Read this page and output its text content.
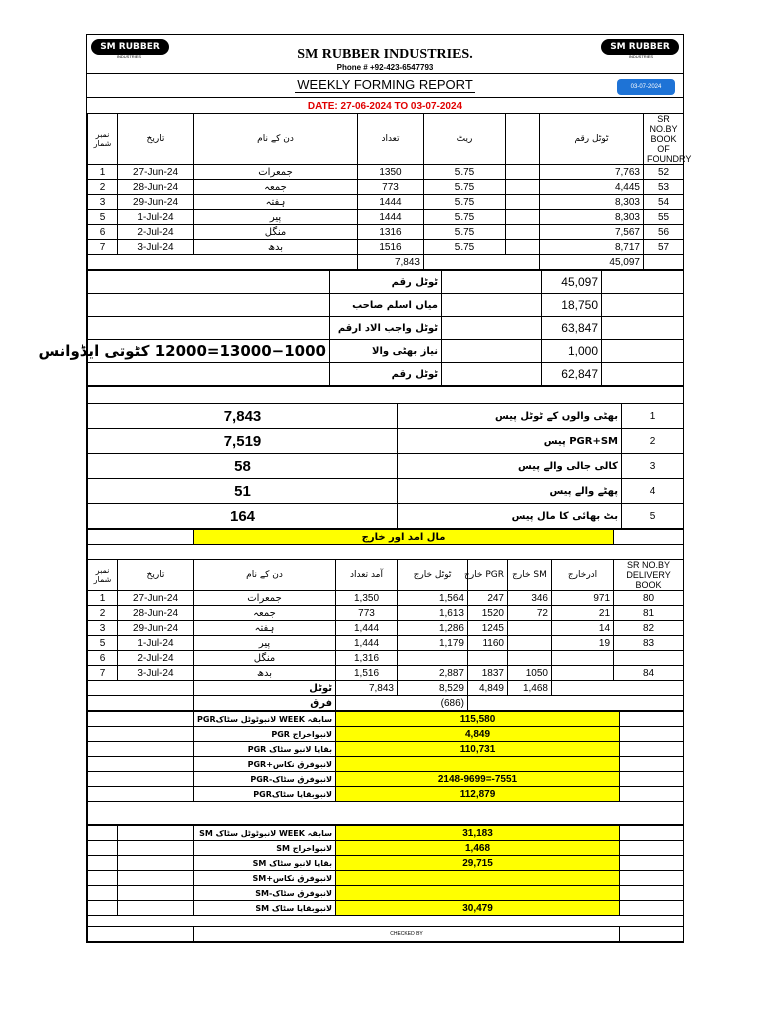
SM RUBBER
INDUSTRIES
SM RUBBER
INDUSTRIES
SM RUBBER INDUSTRIES.
Phone # +92-423-6547793
WEEKLY FORMING REPORT	03-07-2024
DATE: 27-06-2024 TO 03-07-2024
نمبر شمار	تاریخ	دن کے نام	تعداد	ریٹ		ٹوٹل رقم	SR NO.BY BOOK OF FOUNDRY
1	27-Jun-24	جمعرات	1350	5.75		7,763	52
2	28-Jun-24	جمعہ	773	5.75		4,445	53
3	29-Jun-24	ہفتہ	1444	5.75		8,303	54
5	1-Jul-24	پیر	1444	5.75		8,303	55
6	2-Jul-24	منگل	1316	5.75		7,567	56
7	3-Jul-24	بدھ	1516	5.75		8,717	57
			7,843			45,097	
	ٹوٹل رقم		45,097	
	میاں اسلم صاحب		18,750	
	ٹوٹل واجب الاد ارقم		63,847	
13000−1000=12000 کٹوتی ایڈوانس	نیاز بھٹی والا		1,000	
	ٹوٹل رقم		62,847	

7,843	بھٹی والوں کے ٹوٹل پیس	1
7,519	PGR+SM پیس	2
58	کالی جالی والے پیس	3
51	پھٹے والے پیس	4
164	بٹ بھائی کا مال پیس	5
		مال امد اور خارج						

نمبر شمار	تاریخ	دن کے نام	آمد تعداد	ٹوٹل خارج	PGR خارج	SM خارج	ادرخارج	SR NO.BY DELIVERY BOOK
1	27-Jun-24	جمعرات	1,350	1,564	247	346	971	80
2	28-Jun-24	جمعہ	773	1,613	1520	72	21	81
3	29-Jun-24	ہفتہ	1,444	1,286	1245		14	82
5	1-Jul-24	پیر	1,444	1,179	1160		19	83
6	2-Jul-24	منگل	1,316					
7	3-Jul-24	بدھ	1,516	2,887	1837	1050		84
		ٹوٹل	7,843	8,529	4,849	1,468		
		فرق	(686)					
	سابقہ WEEK لانبوٹوٹل سٹاکPGR	115,580	
	لانبواخراج PGR	4,849	
	بقایا لانبو سٹاک PGR	110,731	
	لانبوفرق نکاس+PGR		
	لانبوفرق سٹاک-PGR	2148-9699=-7551	
	لانبوبقایا سٹاکPGR	112,879	

		سابقہ WEEK لانبوٹوٹل سٹاک SM	31,183	
		لانبواخراج SM	1,468	
		بقایا لانبو سٹاک SM	29,715	
		لانبوفرق نکاس+SM		
		لانبوفرق سٹاک-SM		
		لانبوبقایا سٹاک SM	30,479	

		CHECKED BY		
